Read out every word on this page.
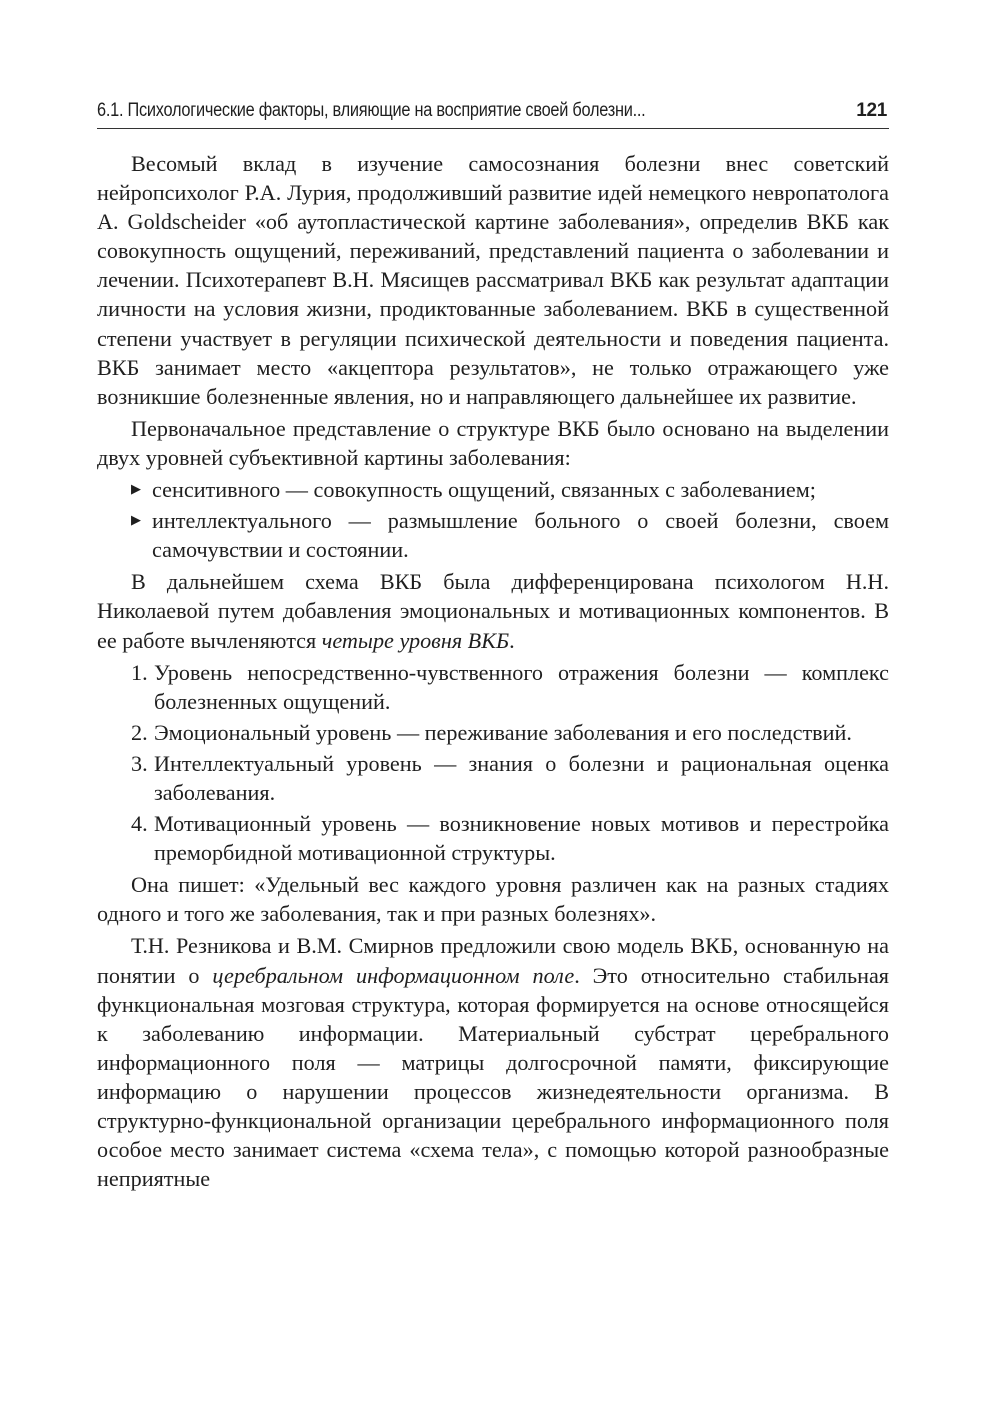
6.1. Психологические факторы, влияющие на восприятие своей болезни...	121

Весомый вклад в изучение самосознания болезни внес советский нейропсихолог Р.А. Лурия, продолживший развитие идей немецкого невропатолога А. Goldscheider «об аутопластической картине заболевания», определив ВКБ как совокупность ощущений, переживаний, представлений пациента о заболевании и лечении. Психотерапевт В.Н. Мясищев рассматривал ВКБ как результат адаптации личности на условия жизни, продиктованные заболеванием. ВКБ в существенной степени участвует в регуляции психической деятельности и поведения пациента. ВКБ занимает место «акцептора результатов», не только отражающего уже возникшие болезненные явления, но и направляющего дальнейшее их развитие.

Первоначальное представление о структуре ВКБ было основано на выделении двух уровней субъективной картины заболевания:

▶ сенситивного — совокупность ощущений, связанных с заболеванием;
▶ интеллектуального — размышление больного о своей болезни, своем самочувствии и состоянии.

В дальнейшем схема ВКБ была дифференцирована психологом Н.Н. Николаевой путем добавления эмоциональных и мотивационных компонентов. В ее работе вычленяются четыре уровня ВКБ.

1. Уровень непосредственно-чувственного отражения болезни — комплекс болезненных ощущений.
2. Эмоциональный уровень — переживание заболевания и его последствий.
3. Интеллектуальный уровень — знания о болезни и рациональная оценка заболевания.
4. Мотивационный уровень — возникновение новых мотивов и перестройка преморбидной мотивационной структуры.

Она пишет: «Удельный вес каждого уровня различен как на разных стадиях одного и того же заболевания, так и при разных болезнях».

Т.Н. Резникова и В.М. Смирнов предложили свою модель ВКБ, основанную на понятии о церебральном информационном поле. Это относительно стабильная функциональная мозговая структура, которая формируется на основе относящейся к заболеванию информации. Материальный субстрат церебрального информационного поля — матрицы долгосрочной памяти, фиксирующие информацию о нарушении процессов жизнедеятельности организма. В структурно-функциональной организации церебрального информационного поля особое место занимает система «схема тела», с помощью которой разнообразные неприятные
